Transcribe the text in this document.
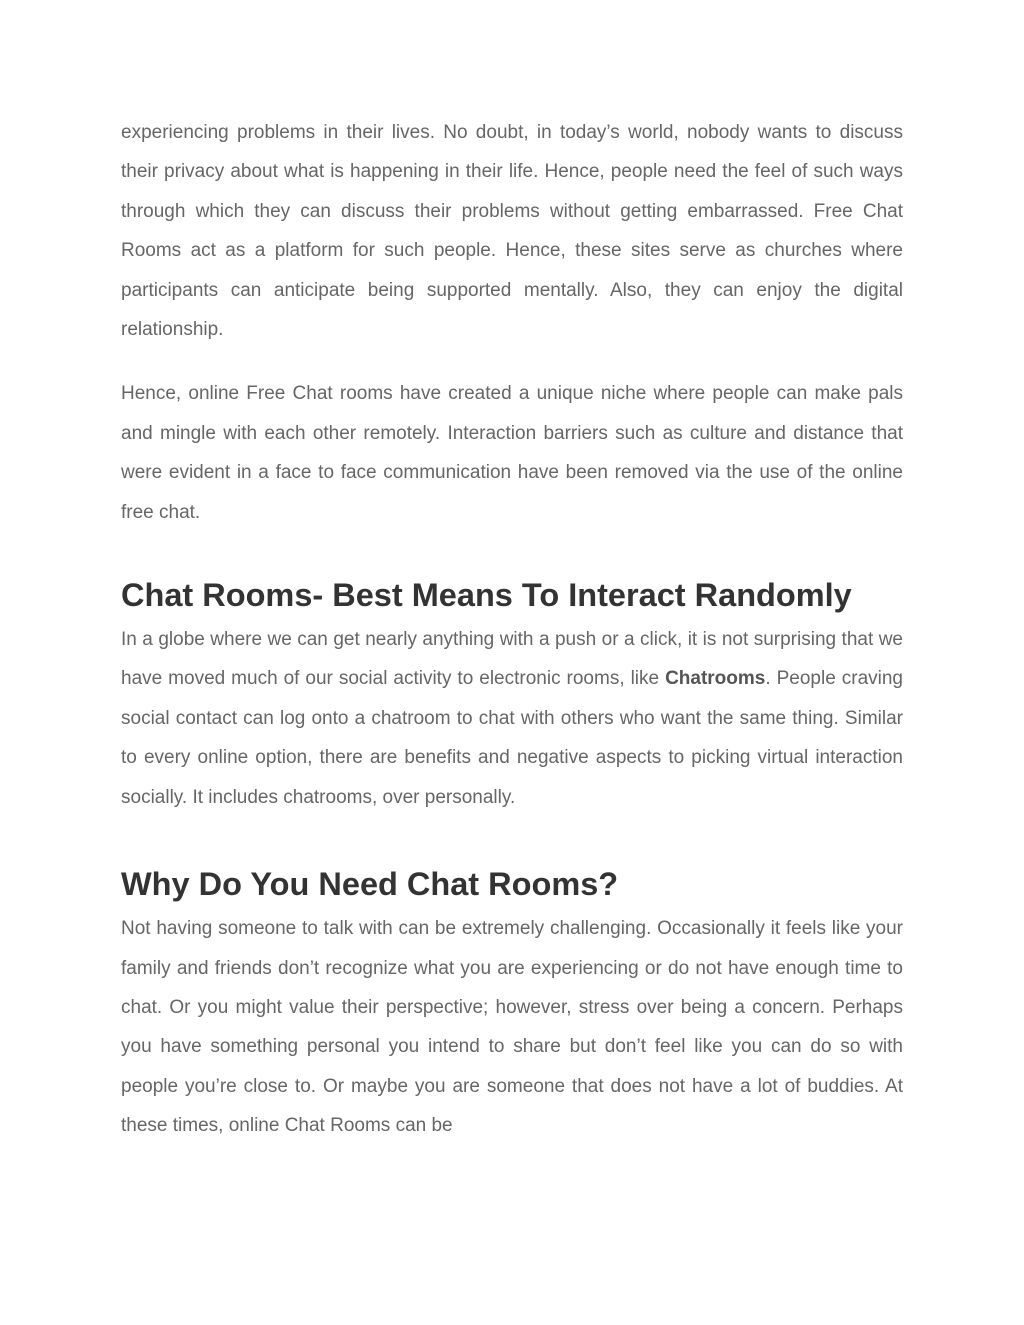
experiencing problems in their lives. No doubt, in today’s world, nobody wants to discuss their privacy about what is happening in their life. Hence, people need the feel of such ways through which they can discuss their problems without getting embarrassed. Free Chat Rooms act as a platform for such people. Hence, these sites serve as churches where participants can anticipate being supported mentally. Also, they can enjoy the digital relationship.

Hence, online Free Chat rooms have created a unique niche where people can make pals and mingle with each other remotely. Interaction barriers such as culture and distance that were evident in a face to face communication have been removed via the use of the online free chat.

Chat Rooms- Best Means To Interact Randomly

In a globe where we can get nearly anything with a push or a click, it is not surprising that we have moved much of our social activity to electronic rooms, like Chatrooms. People craving social contact can log onto a chatroom to chat with others who want the same thing. Similar to every online option, there are benefits and negative aspects to picking virtual interaction socially. It includes chatrooms, over personally.

Why Do You Need Chat Rooms?

Not having someone to talk with can be extremely challenging. Occasionally it feels like your family and friends don’t recognize what you are experiencing or do not have enough time to chat. Or you might value their perspective; however, stress over being a concern. Perhaps you have something personal you intend to share but don’t feel like you can do so with people you’re close to. Or maybe you are someone that does not have a lot of buddies. At these times, online Chat Rooms can be
